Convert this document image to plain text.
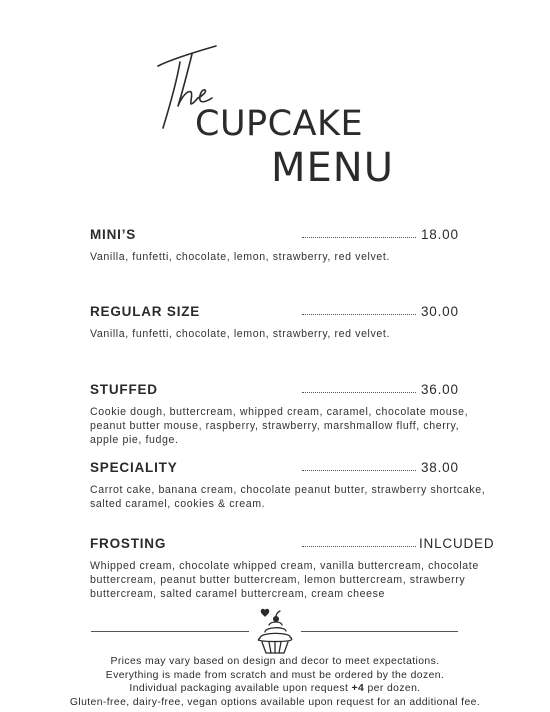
CUPCAKE
MENU
MINI’S	18.00
Vanilla, funfetti, chocolate, lemon, strawberry, red velvet.
REGULAR SIZE	30.00
Vanilla, funfetti, chocolate, lemon, strawberry, red velvet.
STUFFED	36.00
Cookie dough, buttercream, whipped cream, caramel, chocolate mouse, peanut butter mouse, raspberry, strawberry, marshmallow fluff, cherry, apple pie, fudge.
SPECIALITY	38.00
Carrot cake, banana cream, chocolate peanut butter, strawberry shortcake, salted caramel, cookies & cream.
FROSTING	INLCUDED
Whipped cream, chocolate whipped cream, vanilla buttercream, chocolate buttercream, peanut butter buttercream, lemon buttercream, strawberry buttercream, salted caramel buttercream, cream cheese
Prices may vary based on design and decor to meet expectations.
Everything is made from scratch and must be ordered by the dozen.
Individual packaging available upon request +4 per dozen.
Gluten-free, dairy-free, vegan options available upon request for an additional fee.
